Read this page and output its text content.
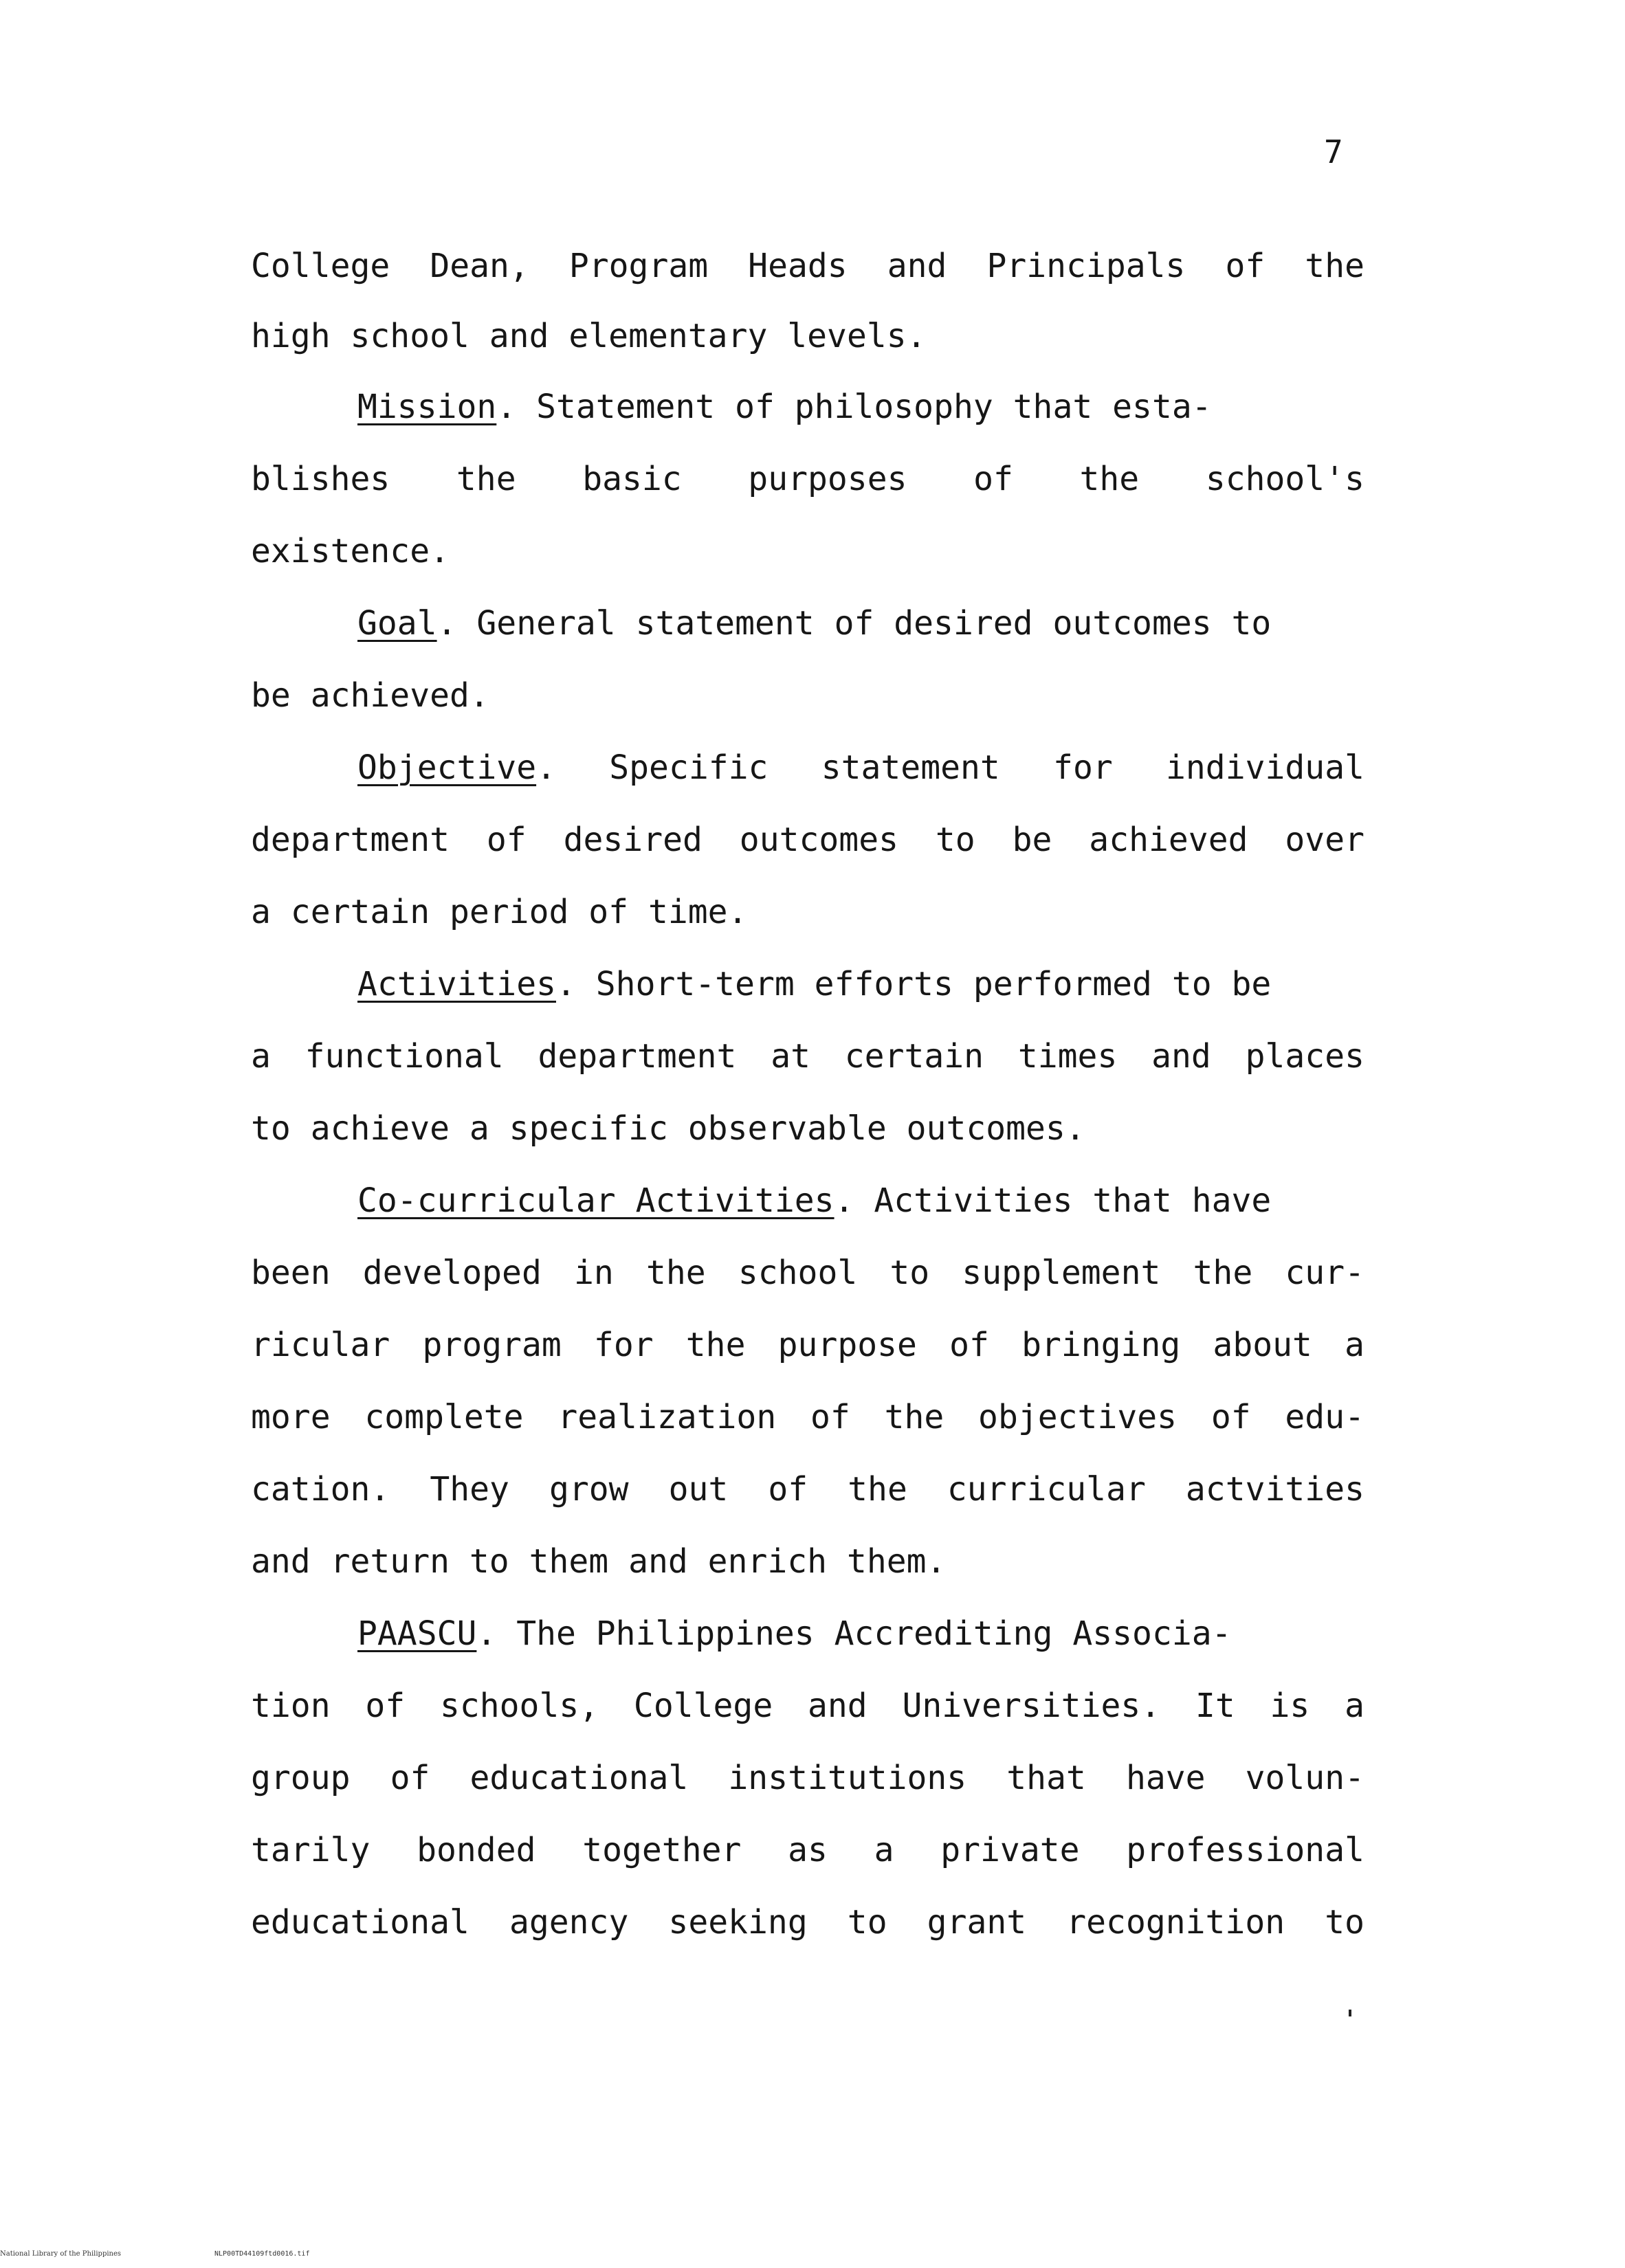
7
College Dean, Program Heads and Principals of the
high school and elementary levels.
Mission. Statement of philosophy that esta-
blishes the basic purposes of the school's
existence.
Goal. General statement of desired outcomes to
be achieved.
Objective. Specific statement for individual
department of desired outcomes to be achieved over
a certain period of time.
Activities. Short-term efforts performed to be
a functional department at certain times and places
to achieve a specific observable outcomes.
Co-curricular Activities. Activities that have
been developed in the school to supplement the cur-
ricular program for the purpose of bringing about a
more complete realization of the objectives of edu-
cation. They grow out of the curricular actvities
and return to them and enrich them.
PAASCU. The Philippines Accrediting Associa-
tion of schools, College and Universities. It is a
group of educational institutions that have volun-
tarily bonded together as a private professional
educational agency seeking to grant recognition to
National Library of the Philippines	NLP00TD44109ftd0016.tif
